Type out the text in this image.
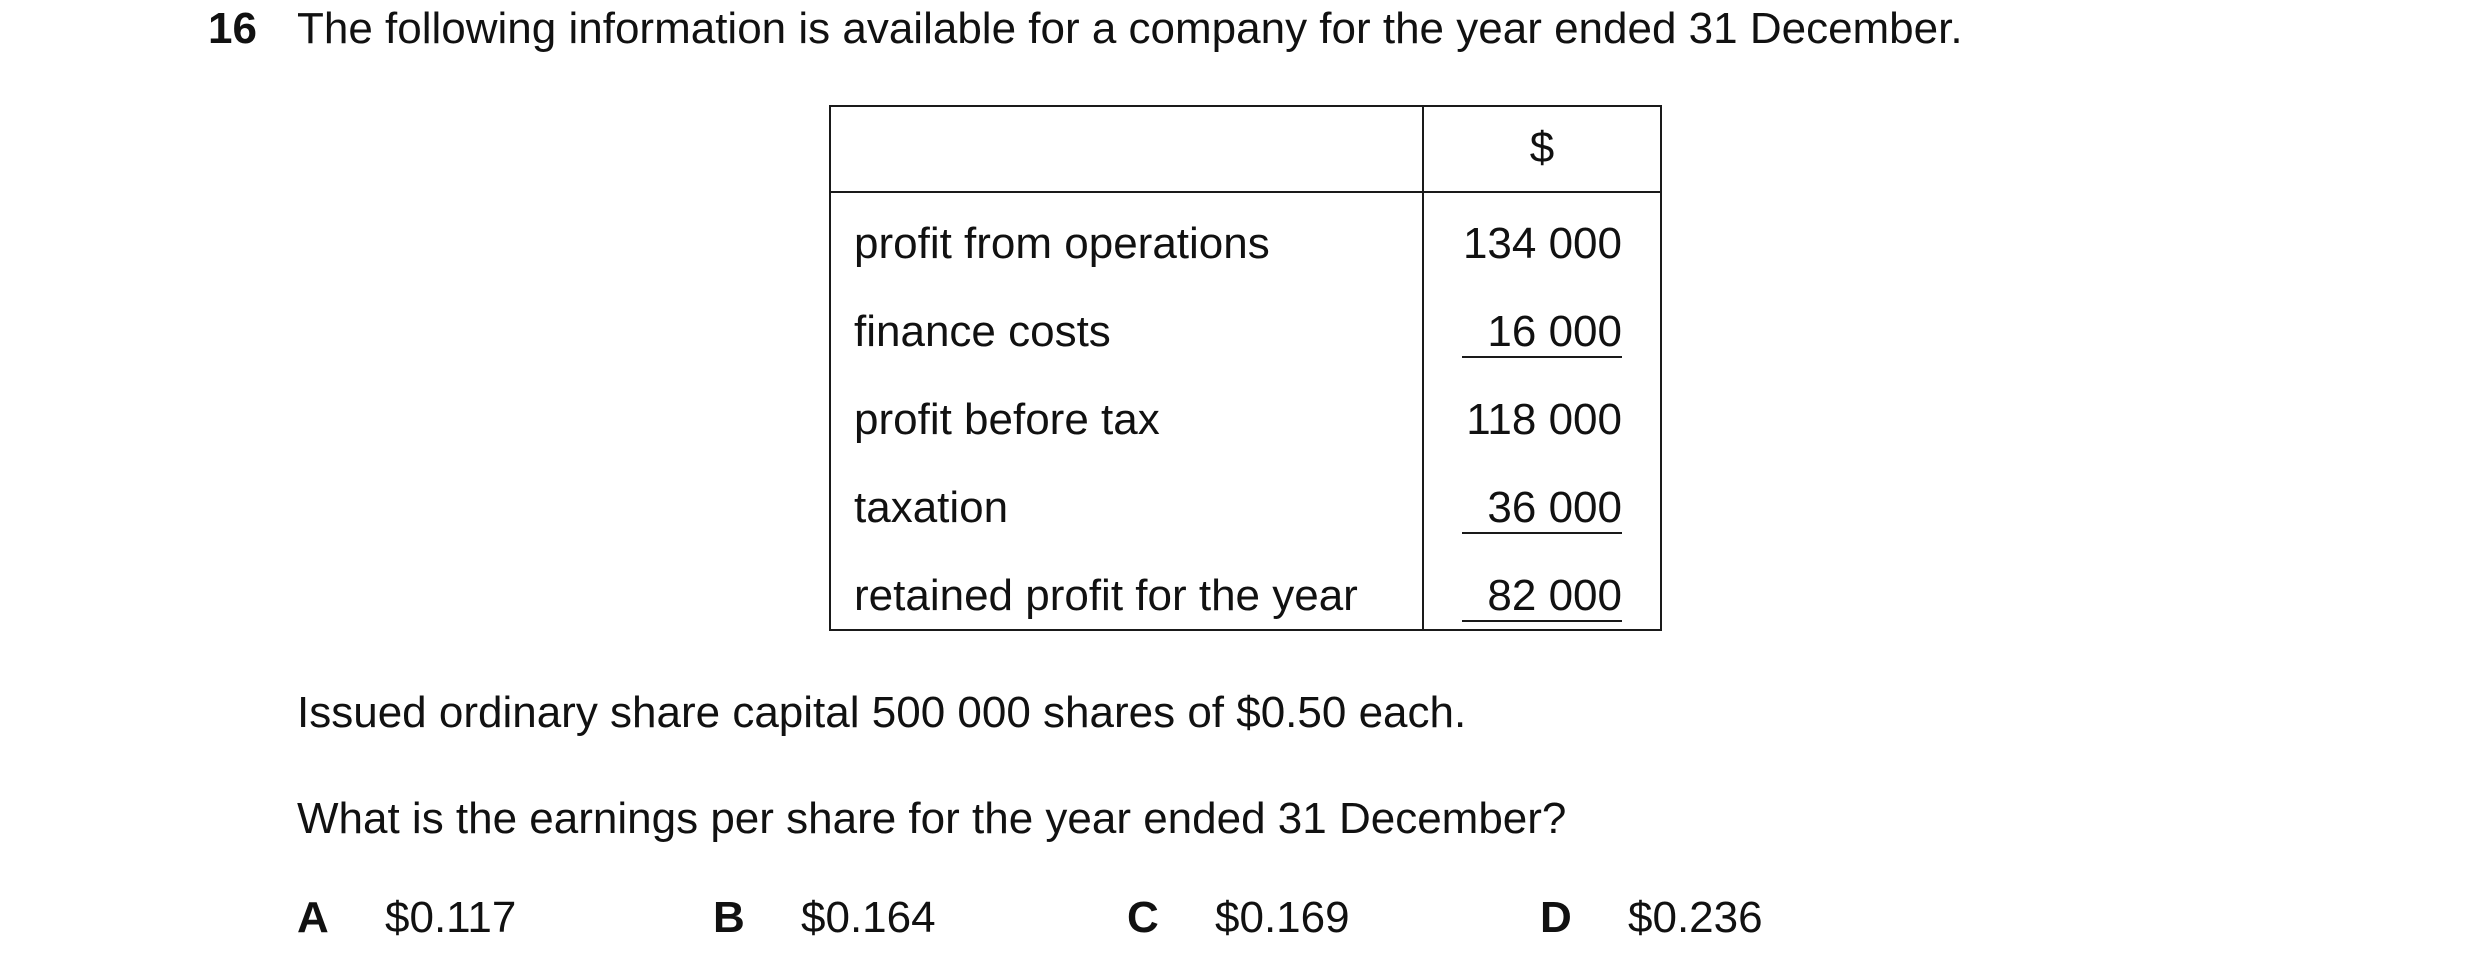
16 The following information is available for a company for the year ended 31 December.
$
profit from operations	134 000
finance costs	16 000
profit before tax	118 000
taxation	36 000
retained profit for the year	82 000
Issued ordinary share capital 500 000 shares of $0.50 each.
What is the earnings per share for the year ended 31 December?
A $0.117	B $0.164	C $0.169	D $0.236
